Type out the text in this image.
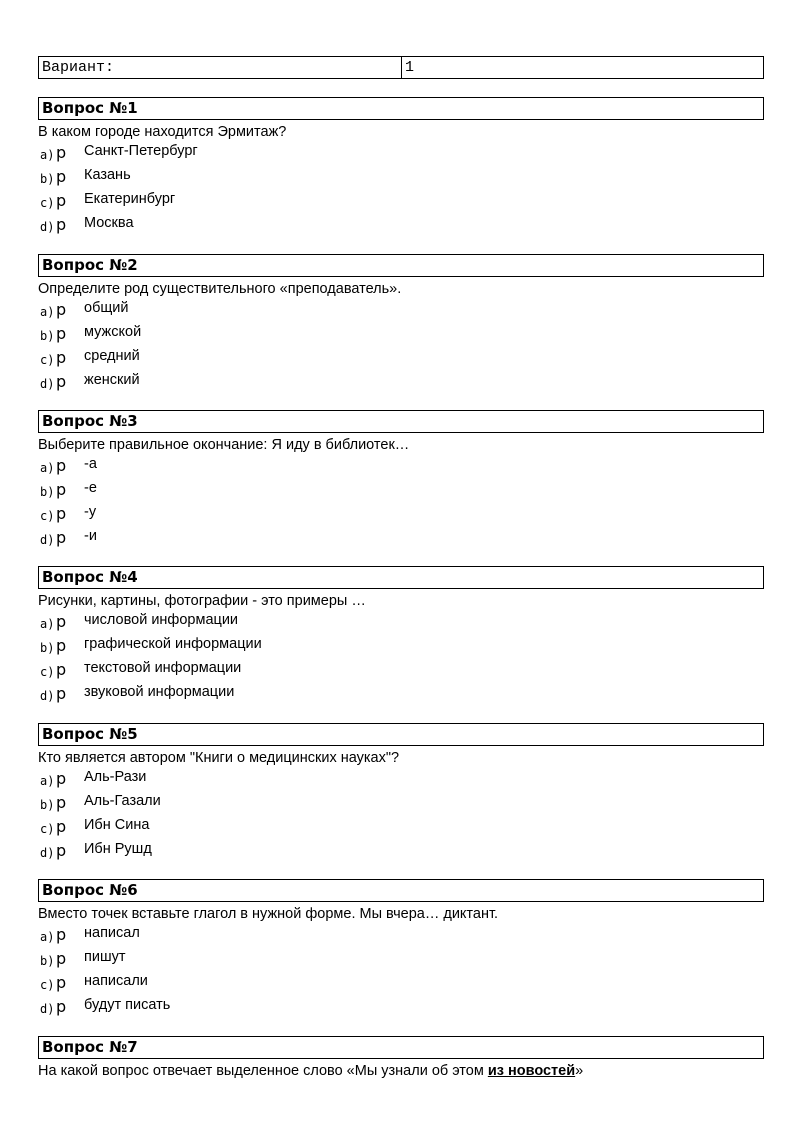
Вариант:	1
Вопрос №1
В каком городе находится Эрмитаж?
a) p Санкт-Петербург
b) p Казань
c) p Екатеринбург
d) p Москва
Вопрос №2
Определите род существительного «преподаватель».
a) p общий
b) p мужской
c) p средний
d) p женский
Вопрос №3
Выберите правильное окончание: Я иду в библиотек…
a) p -а
b) p -е
c) p -у
d) p -и
Вопрос №4
Рисунки, картины, фотографии - это примеры …
a) p числовой информации
b) p графической информации
c) p текстовой информации
d) p звуковой информации
Вопрос №5
Кто является автором "Книги о медицинских науках"?
a) p Аль-Рази
b) p Аль-Газали
c) p Ибн Сина
d) p Ибн Рушд
Вопрос №6
Вместо точек вставьте глагол в нужной форме. Мы вчера… диктант.
a) p написал
b) p пишут
c) p написали
d) p будут писать
Вопрос №7
На какой вопрос отвечает выделенное слово «Мы узнали об этом из новостей»
